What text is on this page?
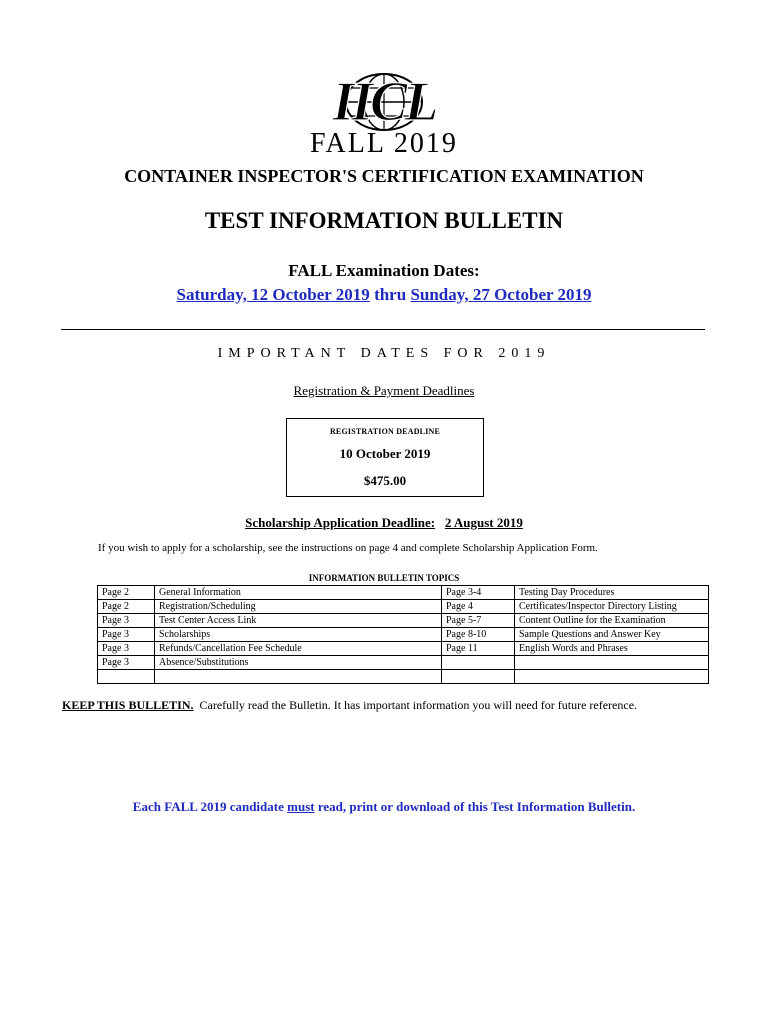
IICL
FALL 2019
CONTAINER INSPECTOR'S CERTIFICATION EXAMINATION
TEST INFORMATION BULLETIN
FALL Examination Dates:
Saturday, 12 October 2019 thru Sunday, 27 October 2019
IMPORTANT DATES FOR 2019
Registration & Payment Deadlines
REGISTRATION DEADLINE
10 October 2019
$475.00
Scholarship Application Deadline: 2 August 2019
If you wish to apply for a scholarship, see the instructions on page 4 and complete Scholarship Application Form.
INFORMATION BULLETIN TOPICS
Page 2	General Information	Page 3-4	Testing Day Procedures
Page 2	Registration/Scheduling	Page 4	Certificates/Inspector Directory Listing
Page 3	Test Center Access Link	Page 5-7	Content Outline for the Examination
Page 3	Scholarships	Page 8-10	Sample Questions and Answer Key
Page 3	Refunds/Cancellation Fee Schedule	Page 11	English Words and Phrases
Page 3	Absence/Substitutions		

KEEP THIS BULLETIN. Carefully read the Bulletin. It has important information you will need for future reference.
Each FALL 2019 candidate must read, print or download of this Test Information Bulletin.
